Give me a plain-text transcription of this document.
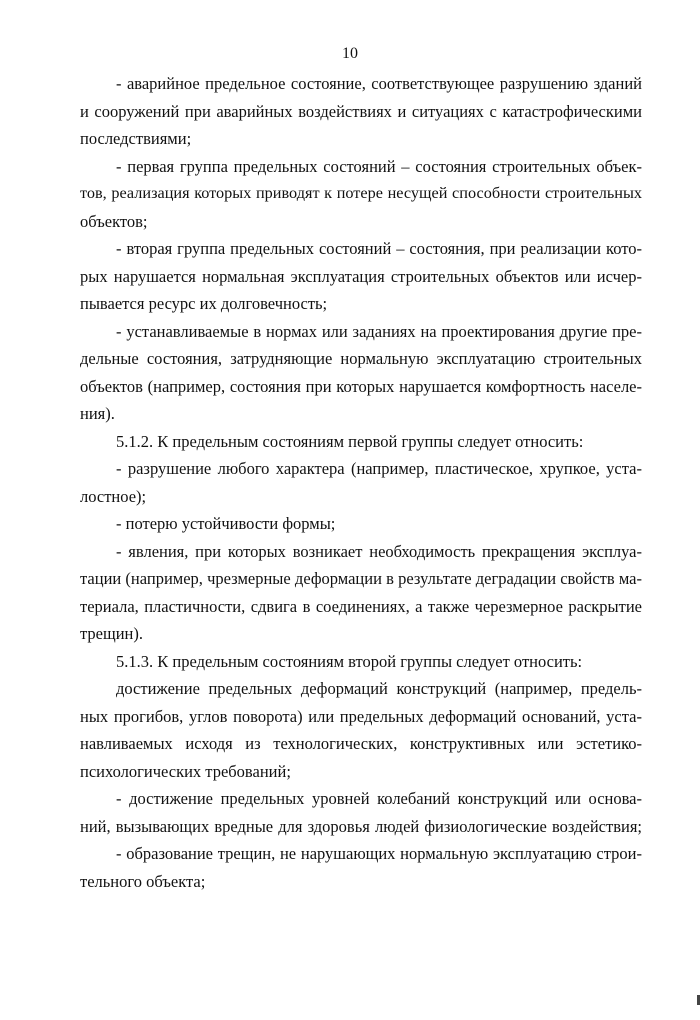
10
- аварийное предельное состояние, соответствующее разрушению зданий
и сооружений при аварийных воздействиях и ситуациях с катастрофическими
последствиями;
- первая группа предельных состояний – состояния строительных объек-
тов, реализация которых приводят к потере несущей способности строительных
объектов;
- вторая группа предельных состояний – состояния, при реализации кото-
рых нарушается нормальная эксплуатация строительных объектов или исчер-
пывается ресурс их долговечность;
- устанавливаемые в нормах или заданиях на проектирования другие пре-
дельные состояния, затрудняющие нормальную эксплуатацию строительных
объектов (например, состояния при которых нарушается комфортность населе-
ния).
5.1.2. К предельным состояниям первой группы следует относить:
- разрушение любого характера (например, пластическое, хрупкое, уста-
лостное);
- потерю устойчивости формы;
- явления, при которых возникает необходимость прекращения эксплуа-
тации (например, чрезмерные деформации в результате деградации свойств ма-
териала, пластичности, сдвига в соединениях, а также черезмерное раскрытие
трещин).
5.1.3. К предельным состояниям второй группы следует относить:
достижение предельных деформаций конструкций (например, предель-
ных прогибов, углов поворота) или предельных деформаций оснований, уста-
навливаемых исходя из технологических, конструктивных или эстетико-
психологических требований;
- достижение предельных уровней колебаний конструкций или основа-
ний, вызывающих вредные для здоровья людей физиологические воздействия;
- образование трещин, не нарушающих нормальную эксплуатацию строи-
тельного объекта;
